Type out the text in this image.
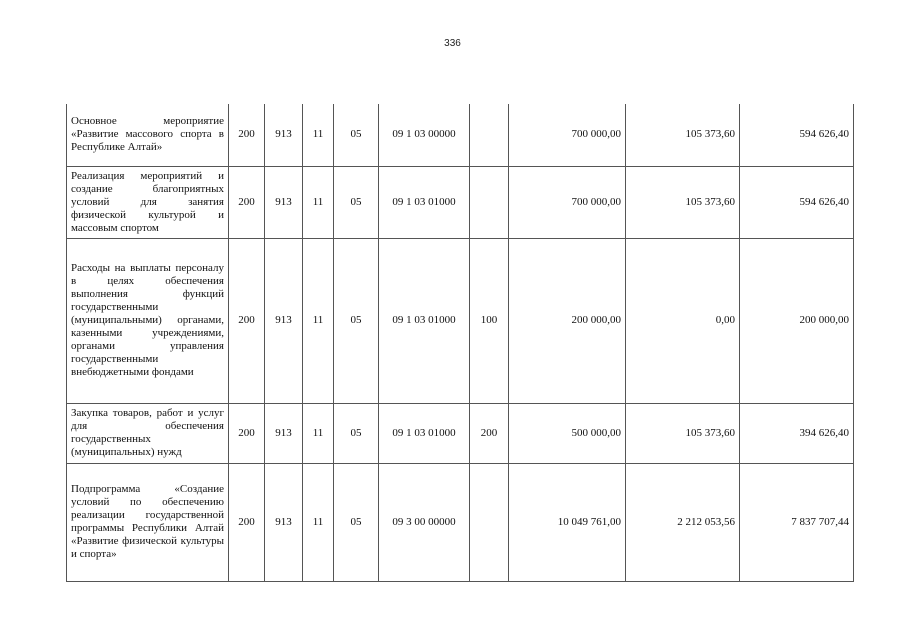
336
Основное мероприятие «Развитие массового спорта в Республике Алтай»	200	913	11	05	09 1 03 00000		700 000,00	105 373,60	594 626,40
Реализация мероприятий и создание благоприятных условий для занятия физической культурой и массовым спортом	200	913	11	05	09 1 03 01000		700 000,00	105 373,60	594 626,40
Расходы на выплаты персоналу в целях обеспечения выполнения функций государственными (муниципальными) органами, казенными учреждениями, органами управления государственными внебюджетными фондами	200	913	11	05	09 1 03 01000	100	200 000,00	0,00	200 000,00
Закупка товаров, работ и услуг для обеспечения государственных (муниципальных) нужд	200	913	11	05	09 1 03 01000	200	500 000,00	105 373,60	394 626,40
Подпрограмма «Создание условий по обеспечению реализации государственной программы Республики Алтай «Развитие физической культуры и спорта»	200	913	11	05	09 3 00 00000		10 049 761,00	2 212 053,56	7 837 707,44
